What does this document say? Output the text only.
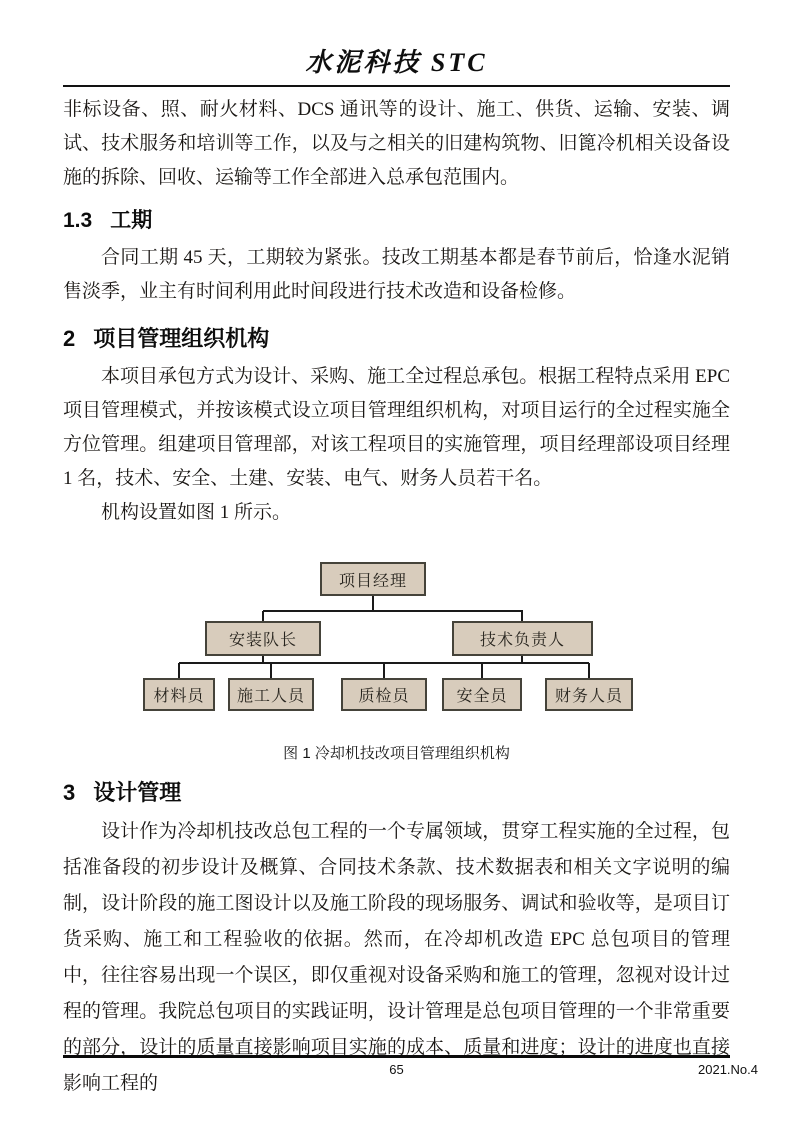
水泥科技 STC

非标设备、照、耐火材料、DCS 通讯等的设计、施工、供货、运输、安装、调试、技术服务和培训等工作，以及与之相关的旧建构筑物、旧篦冷机相关设备设施的拆除、回收、运输等工作全部进入总承包范围内。

1.3 工期

合同工期 45 天，工期较为紧张。技改工期基本都是春节前后，恰逢水泥销售淡季，业主有时间利用此时间段进行技术改造和设备检修。

2 项目管理组织机构

本项目承包方式为设计、采购、施工全过程总承包。根据工程特点采用 EPC 项目管理模式，并按该模式设立项目管理组织机构，对项目运行的全过程实施全方位管理。组建项目管理部，对该工程项目的实施管理，项目经理部设项目经理 1 名，技术、安全、土建、安装、电气、财务人员若干名。

机构设置如图 1 所示。

项目经理
安装队长	技术负责人
材料员	施工人员	质检员	安全员	财务人员
图 1 冷却机技改项目管理组织机构
3 设计管理

设计作为冷却机技改总包工程的一个专属领域，贯穿工程实施的全过程，包括准备段的初步设计及概算、合同技术条款、技术数据表和相关文字说明的编制，设计阶段的施工图设计以及施工阶段的现场服务、调试和验收等，是项目订货采购、施工和工程验收的依据。然而，在冷却机改造 EPC 总包项目的管理中，往往容易出现一个误区，即仅重视对设备采购和施工的管理，忽视对设计过程的管理。我院总包项目的实践证明，设计管理是总包项目管理的一个非常重要的部分，设计的质量直接影响项目实施的成本、质量和进度；设计的进度也直接影响工程的

65	2021.No.4
